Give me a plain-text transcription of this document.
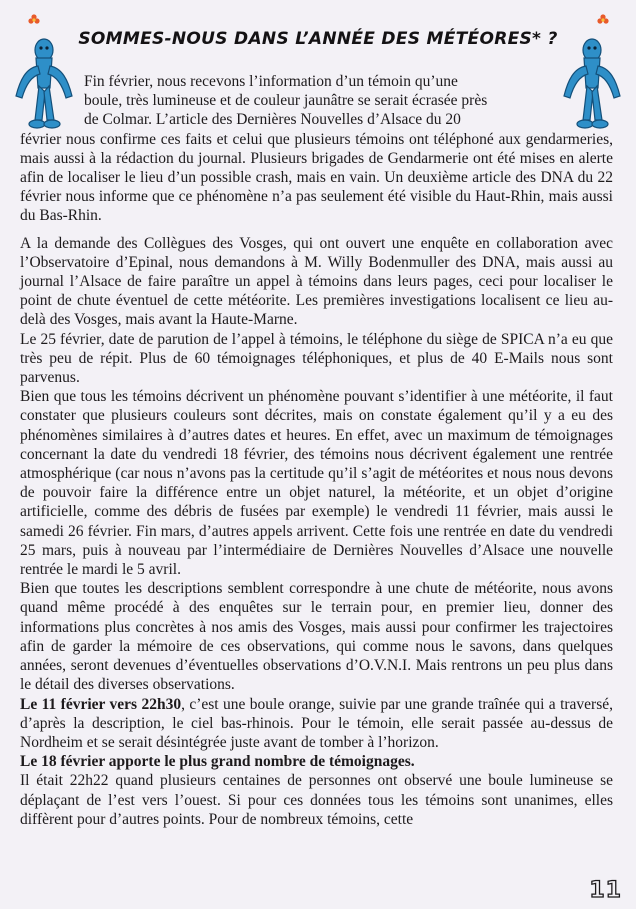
SOMMES-NOUS DANS L’ANNÉE DES MÉTÉORES* ?

Fin février, nous recevons l’information d’un témoin qu’une

boule, très lumineuse et de couleur jaunâtre se serait écrasée près

de Colmar. L’article des Dernières Nouvelles d’Alsace du 20

février nous confirme ces faits et celui que plusieurs témoins ont téléphoné aux gendarmeries, mais aussi à la rédaction du journal. Plusieurs brigades de Gendarmerie ont été mises en alerte afin de localiser le lieu d’un possible crash, mais en vain. Un deuxième article des DNA du 22 février nous informe que ce phénomène n’a pas seulement été visible du Haut-Rhin, mais aussi du Bas-Rhin.

A la demande des Collègues des Vosges, qui ont ouvert une enquête en collaboration avec l’Observatoire d’Epinal, nous demandons à M. Willy Bodenmuller des DNA, mais aussi au journal l’Alsace de faire paraître un appel à témoins dans leurs pages, ceci pour localiser le point de chute éventuel de cette météorite. Les premières investigations localisent ce lieu au-delà des Vosges, mais avant la Haute-Marne.

Le 25 février, date de parution de l’appel à témoins, le téléphone du siège de SPICA n’a eu que très peu de répit. Plus de 60 témoignages téléphoniques, et plus de 40 E-Mails nous sont parvenus.

Bien que tous les témoins décrivent un phénomène pouvant s’identifier à une météorite, il faut constater que plusieurs couleurs sont décrites, mais on constate également qu’il y a eu des phénomènes similaires à d’autres dates et heures. En effet, avec un maximum de témoignages concernant la date du vendredi 18 février, des témoins nous décrivent également une rentrée atmosphérique (car nous n’avons pas la certitude qu’il s’agit de météorites et nous nous devons de pouvoir faire la différence entre un objet naturel, la météorite, et un objet d’origine artificielle, comme des débris de fusées par exemple) le vendredi 11 février, mais aussi le samedi 26 février. Fin mars, d’autres appels arrivent. Cette fois une rentrée en date du vendredi 25 mars, puis à nouveau par l’intermédiaire de Dernières Nouvelles d’Alsace une nouvelle rentrée le mardi le 5 avril.

Bien que toutes les descriptions semblent correspondre à une chute de météorite, nous avons quand même procédé à des enquêtes sur le terrain pour, en premier lieu, donner des informations plus concrètes à nos amis des Vosges, mais aussi pour confirmer les trajectoires afin de garder la mémoire de ces observations, qui comme nous le savons, dans quelques années, seront devenues d’éventuelles observations d’O.V.N.I. Mais rentrons un peu plus dans le détail des diverses observations.

Le 11 février vers 22h30, c’est une boule orange, suivie par une grande traînée qui a traversé, d’après la description, le ciel bas-rhinois. Pour le témoin, elle serait passée au-dessus de Nordheim et se serait désintégrée juste avant de tomber à l’horizon.

Le 18 février apporte le plus grand nombre de témoignages.

Il était 22h22 quand plusieurs centaines de personnes ont observé une boule lumineuse se déplaçant de l’est vers l’ouest. Si pour ces données tous les témoins sont unanimes, elles diffèrent pour d’autres points. Pour de nombreux témoins, cette

11
